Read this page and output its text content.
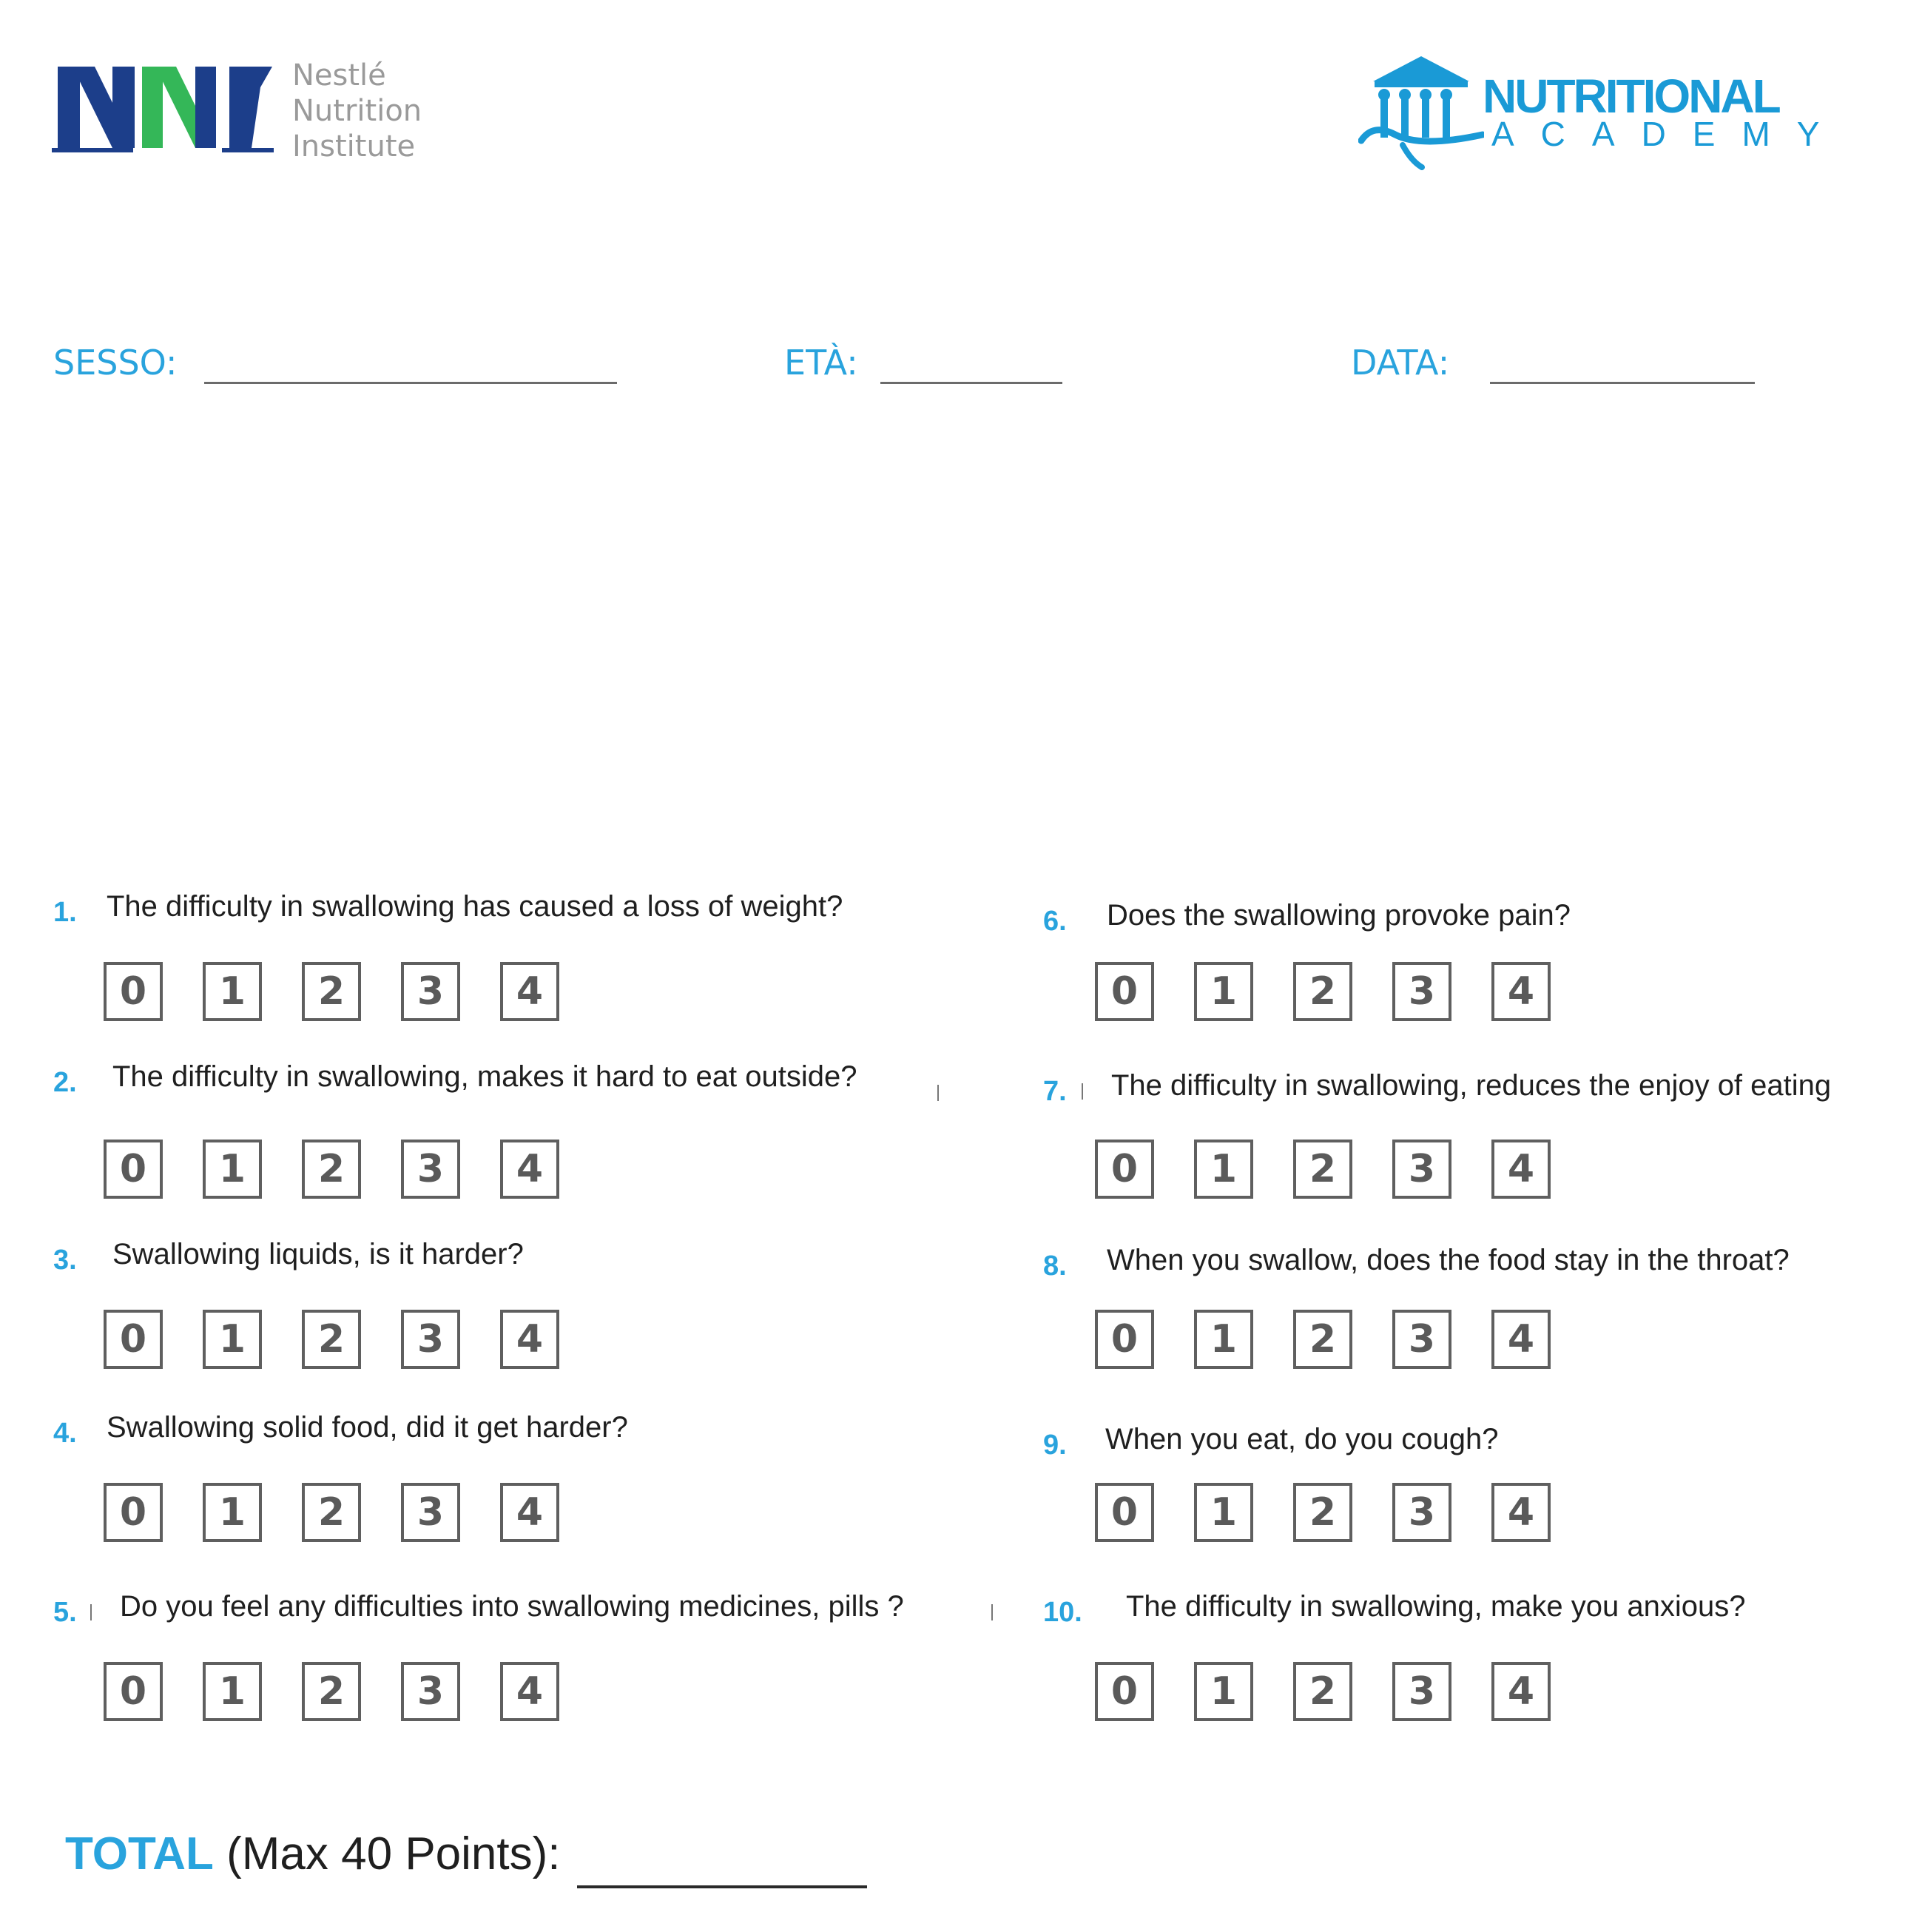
Nestlé
Nutrition
Institute
NUTRITIONAL
ACADEMY
SESSO:	ETÀ:	DATA:
1. The difficulty in swallowing has caused a loss of weight?
0	1	2	3	4
2. The difficulty in swallowing, makes it hard to eat outside?
0	1	2	3	4
3. Swallowing liquids, is it harder?
0	1	2	3	4
4. Swallowing solid food, did it get harder?
0	1	2	3	4
5. Do you feel any difficulties into swallowing medicines, pills ?
0	1	2	3	4
6. Does the swallowing provoke pain?
0	1	2	3	4
7. The difficulty in swallowing, reduces the enjoy of eating
0	1	2	3	4
8. When you swallow, does the food stay in the throat?
0	1	2	3	4
9. When you eat, do you cough?
0	1	2	3	4
10. The difficulty in swallowing, make you anxious?
0	1	2	3	4
TOTAL (Max 40 Points):
